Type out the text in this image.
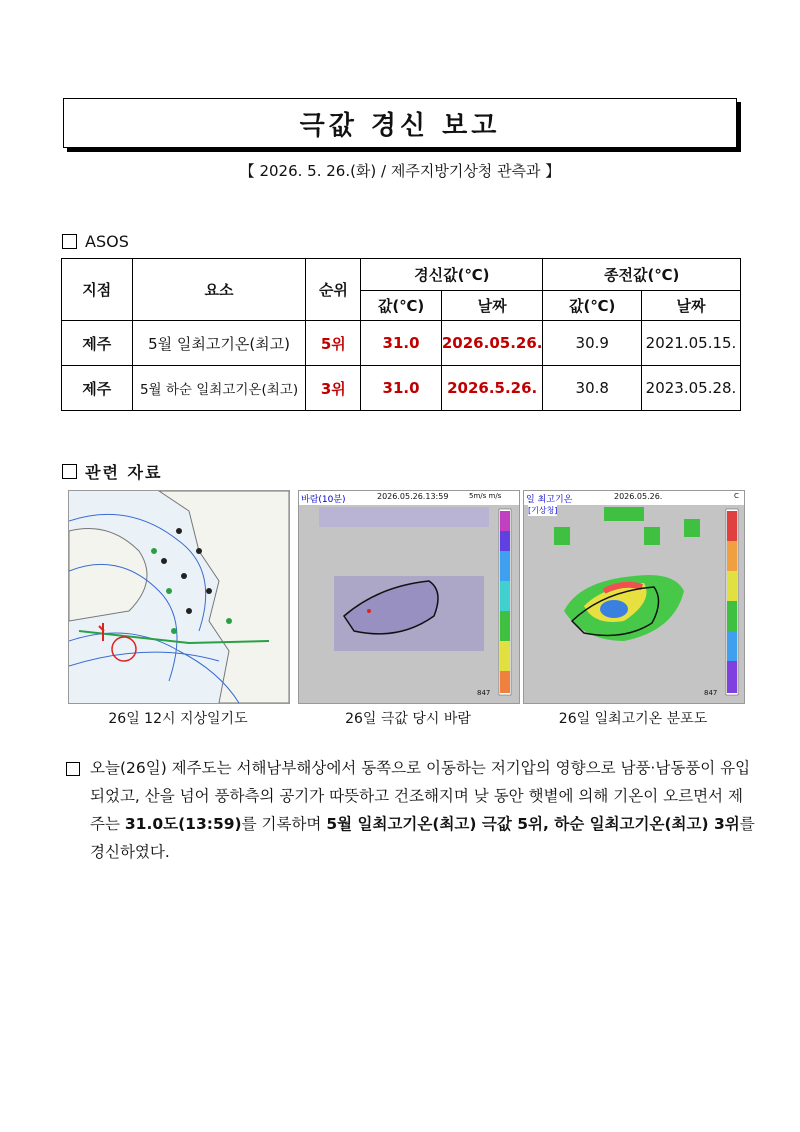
극값 경신 보고
【 2026. 5. 26.(화) / 제주지방기상청 관측과 】
ASOS
지점	요소	순위	경신값(℃)		종전값(℃)	
			값(℃)	날짜	값(℃)	날짜
제주	5월 일최고기온(최고)	5위	31.0	2026.05.26.	30.9	2021.05.15.
제주	5월 하순 일최고기온(최고)	3위	31.0	2026.5.26.	30.8	2023.05.28.
관련 자료
바람(10분)	2026.05.26.13:59	5m/s m/s
847
일 최고기온	2026.05.26.	C
[기상청]
847
26일 12시 지상일기도	26일 극값 당시 바람	26일 일최고기온 분포도
오늘(26일) 제주도는 서해남부해상에서 동쪽으로 이동하는 저기압의 영향으로 남풍·남동풍이 유입되었고, 산을 넘어 풍하측의 공기가 따뜻하고 건조해지며 낮 동안 햇볕에 의해 기온이 오르면서 제주는 31.0도(13:59)를 기록하며 5월 일최고기온(최고) 극값 5위, 하순 일최고기온(최고) 3위를 경신하였다.
